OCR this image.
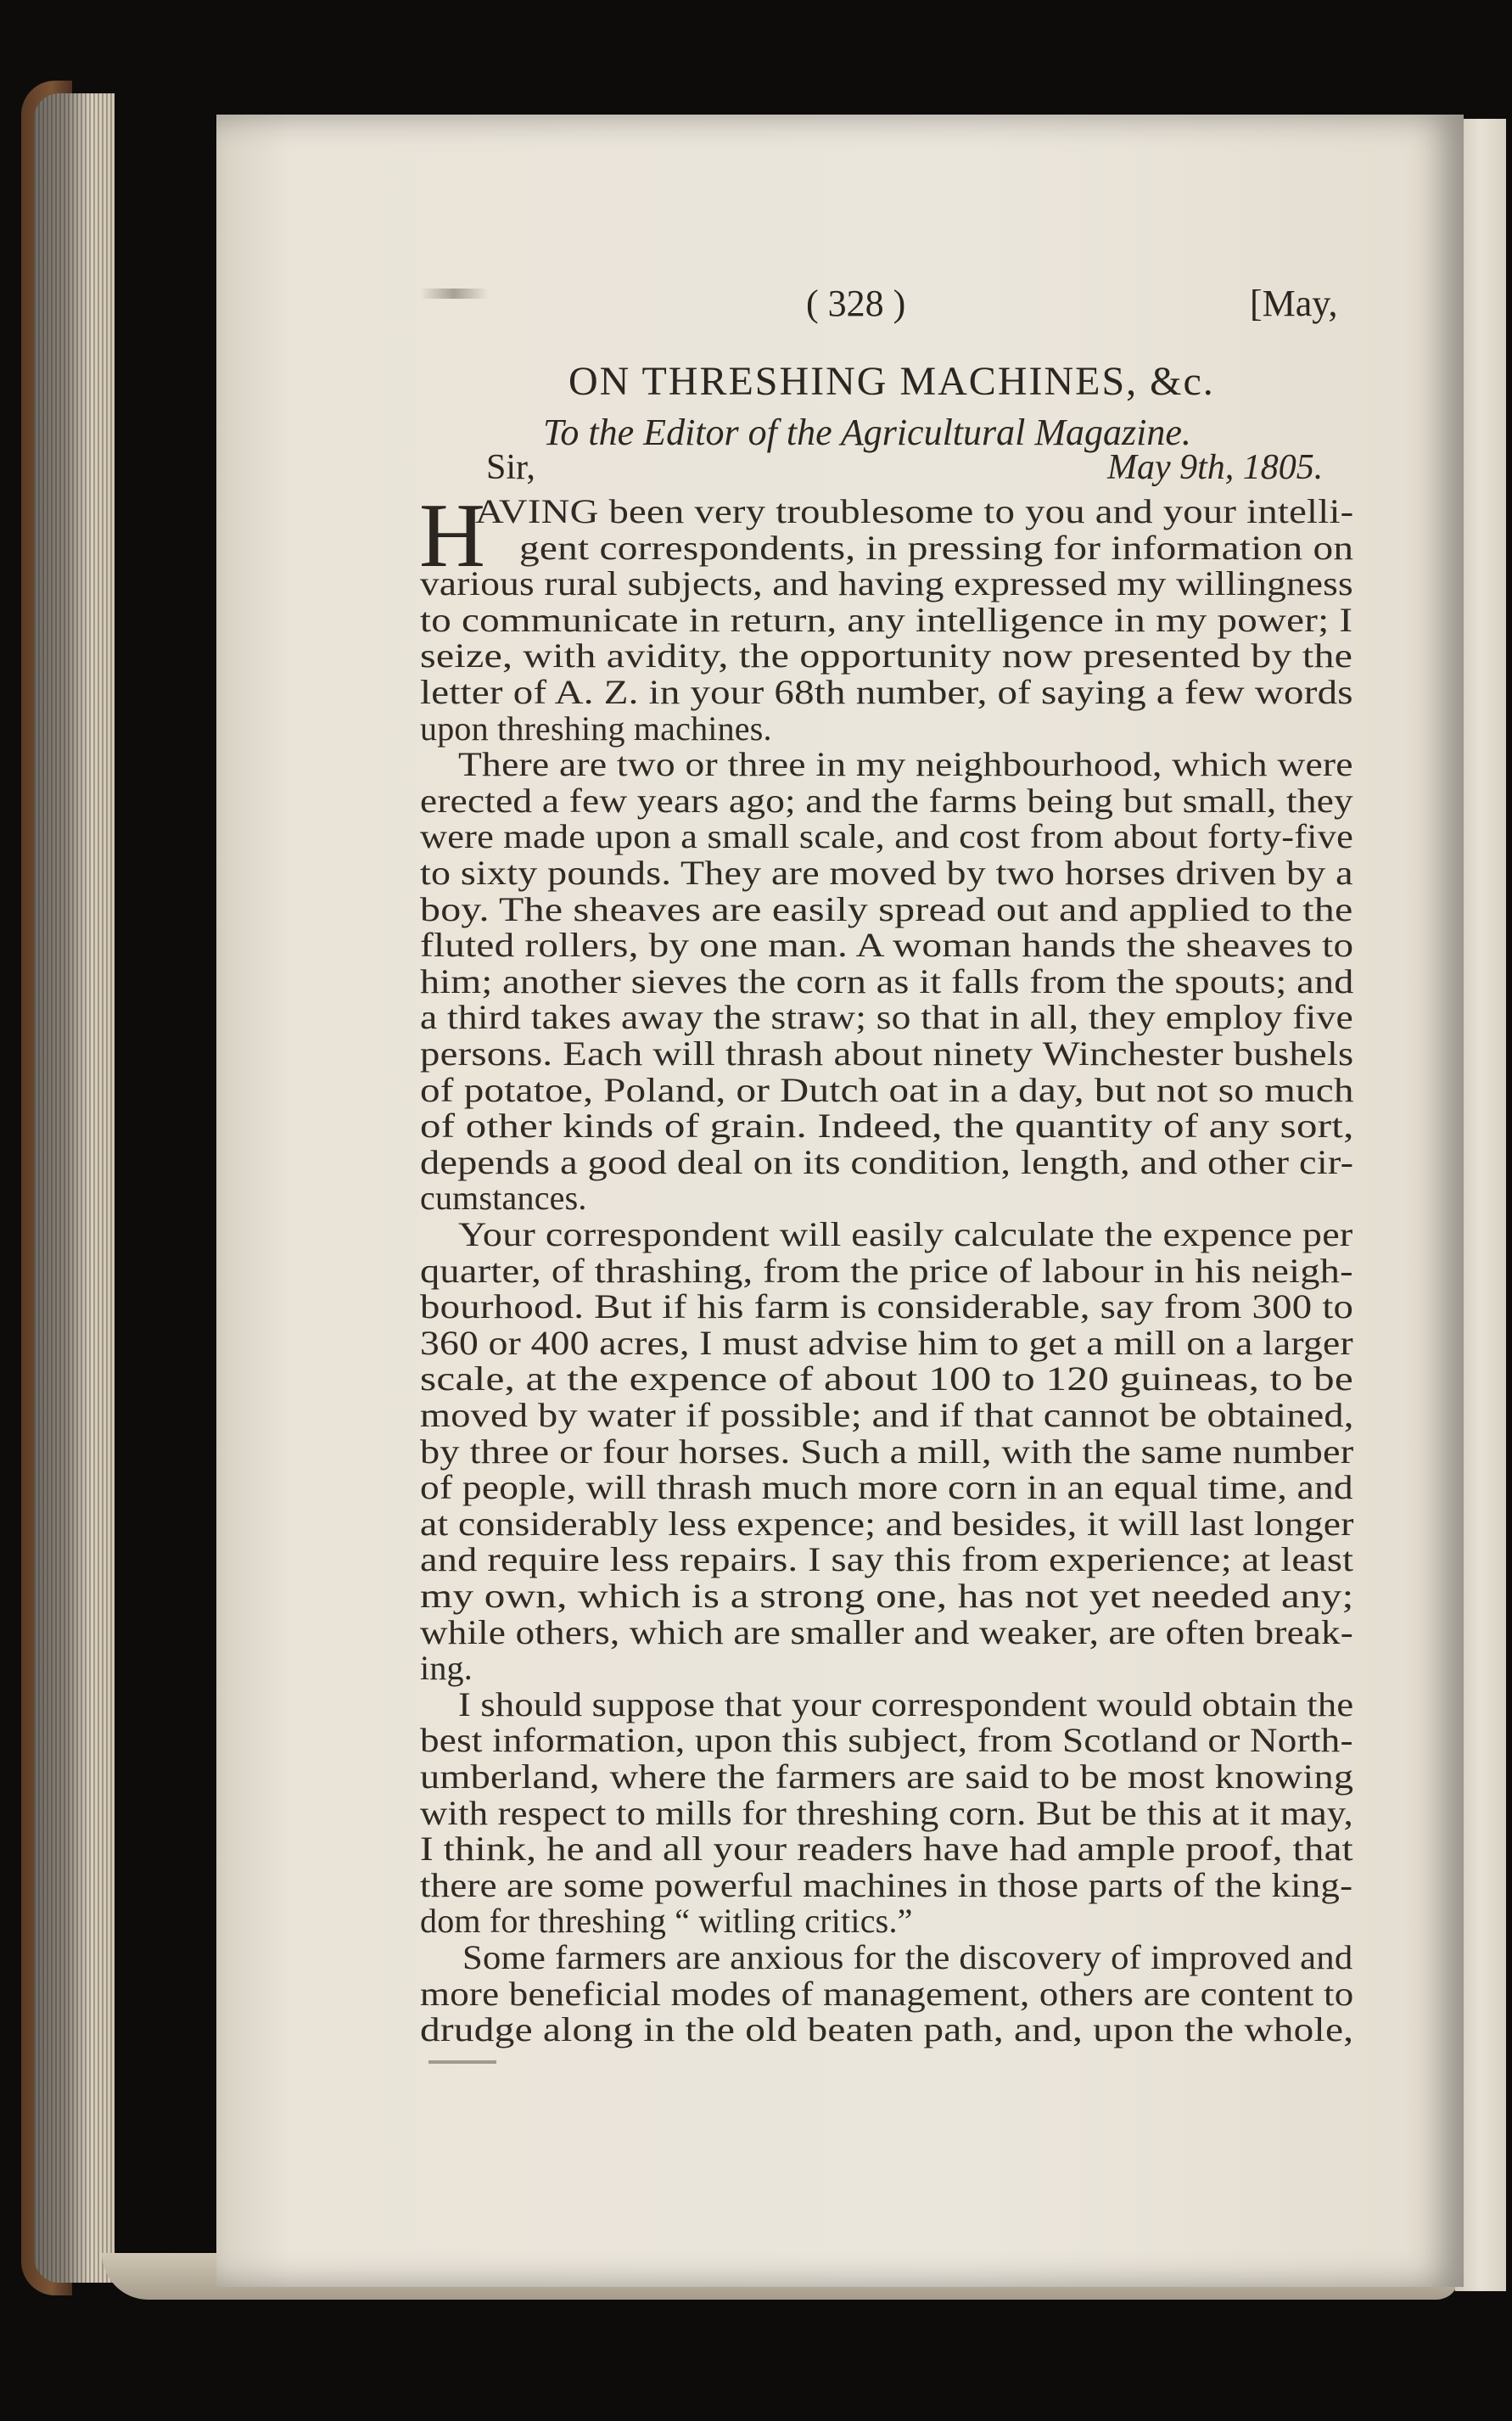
( 328 )	[May,
ON THRESHING MACHINES, &c.
To the Editor of the Agricultural Magazine.
Sir,	May 9th, 1805.
H
AVING been very troublesome to you and your intelli-
gent correspondents, in pressing for information on
various rural subjects, and having expressed my willingness
to communicate in return, any intelligence in my power; I
seize, with avidity, the opportunity now presented by the
letter of A. Z. in your 68th number, of saying a few words
upon threshing machines.
There are two or three in my neighbourhood, which were
erected a few years ago; and the farms being but small, they
were made upon a small scale, and cost from about forty-five
to sixty pounds. They are moved by two horses driven by a
boy. The sheaves are easily spread out and applied to the
fluted rollers, by one man. A woman hands the sheaves to
him; another sieves the corn as it falls from the spouts; and
a third takes away the straw; so that in all, they employ five
persons. Each will thrash about ninety Winchester bushels
of potatoe, Poland, or Dutch oat in a day, but not so much
of other kinds of grain. Indeed, the quantity of any sort,
depends a good deal on its condition, length, and other cir-
cumstances.
Your correspondent will easily calculate the expence per
quarter, of thrashing, from the price of labour in his neigh-
bourhood. But if his farm is considerable, say from 300 to
360 or 400 acres, I must advise him to get a mill on a larger
scale, at the expence of about 100 to 120 guineas, to be
moved by water if possible; and if that cannot be obtained,
by three or four horses. Such a mill, with the same number
of people, will thrash much more corn in an equal time, and
at considerably less expence; and besides, it will last longer
and require less repairs. I say this from experience; at least
my own, which is a strong one, has not yet needed any;
while others, which are smaller and weaker, are often break-
ing.
I should suppose that your correspondent would obtain the
best information, upon this subject, from Scotland or North-
umberland, where the farmers are said to be most knowing
with respect to mills for threshing corn. But be this at it may,
I think, he and all your readers have had ample proof, that
there are some powerful machines in those parts of the king-
dom for threshing “ witling critics.”
Some farmers are anxious for the discovery of improved and
more beneficial modes of management, others are content to
drudge along in the old beaten path, and, upon the whole,
